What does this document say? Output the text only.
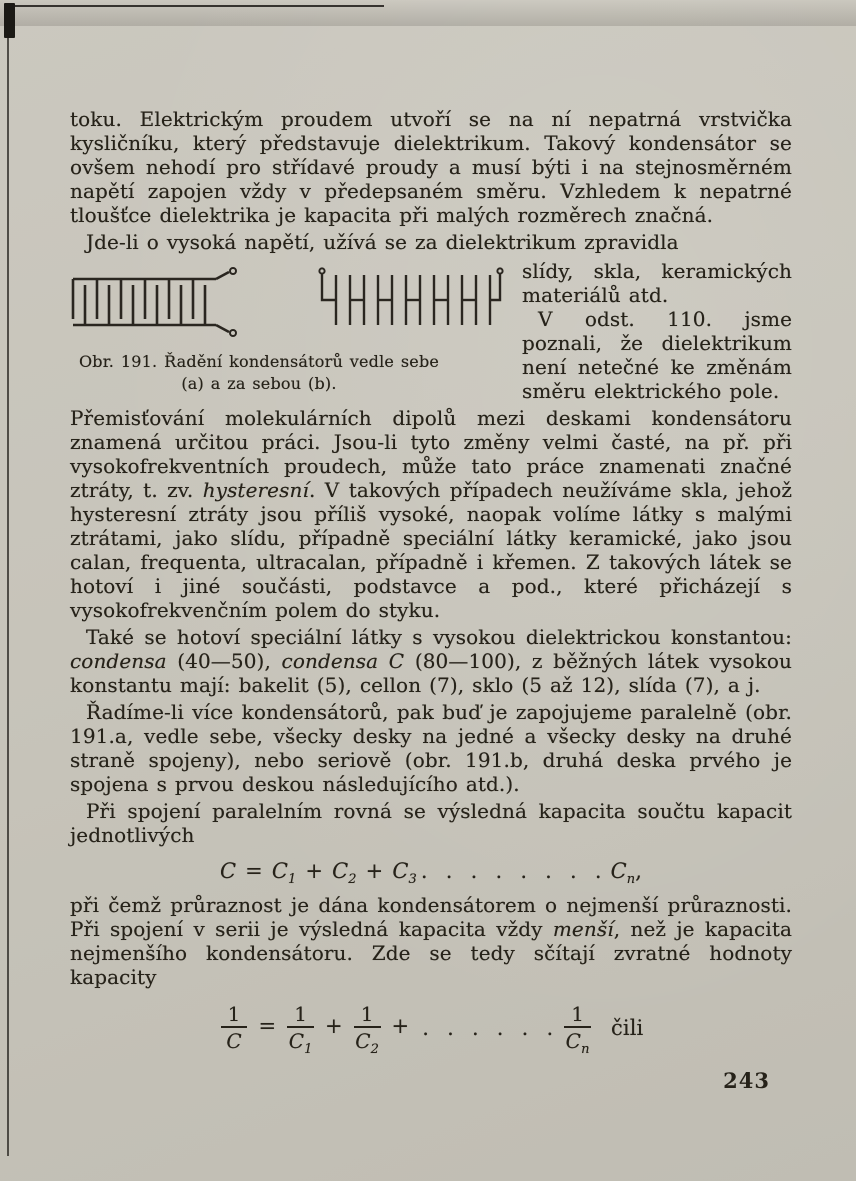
toku. Elektrickým proudem utvoří se na ní nepatrná vrstvička kysličníku, který představuje dielektrikum. Takový kondensátor se ovšem nehodí pro střídavé proudy a musí býti i na stejnosměrném napětí zapojen vždy v předepsaném směru. Vzhledem k nepatrné tloušťce dielektrika je kapacita při malých rozměrech značná.

Jde-li o vysoká napětí, užívá se za dielektrikum zpravidla

Obr. 191. Řadění kondensátorů vedle sebe
(a) a za sebou (b).

slídy, skla, keramických materiálů atd.

V odst. 110. jsme poznali, že dielektrikum není netečné ke změnám směru elektrického pole.

Přemisťování molekulárních dipolů mezi deskami kondensátoru znamená určitou práci. Jsou-li tyto změny velmi časté, na př. při vysokofrekventních proudech, může tato práce znamenati značné ztráty, t. zv. hysteresní. V takových případech neužíváme skla, jehož hysteresní ztráty jsou příliš vysoké, naopak volíme látky s malými ztrátami, jako slídu, případně speciální látky keramické, jako jsou calan, frequenta, ultracalan, případně i křemen. Z takových látek se hotoví i jiné součásti, podstavce a pod., které přicházejí s vysokofrekvenčním polem do styku.

Také se hotoví speciální látky s vysokou dielektrickou konstantou: condensa (40—50), condensa C (80—100), z běžných látek vysokou konstantu mají: bakelit (5), cellon (7), sklo (5 až 12), slída (7), a j.

Řadíme-li více kondensátorů, pak buď je zapojujeme paralelně (obr. 191.a, vedle sebe, všecky desky na jedné a všecky desky na druhé straně spojeny), nebo seriově (obr. 191.b, druhá deska prvého je spojena s prvou deskou následujícího atd.).

Při spojení paralelním rovná se výsledná kapacita součtu kapacit jednotlivých

$C = C_1 + C_2 + C_3$ . . . . . . . . $C_n$,

při čemž průraznost je dána kondensátorem o nejmenší průraznosti. Při spojení v serii je výsledná kapacita vždy menší, než je kapacita nejmenšího kondensátoru. Zde se tedy sčítají zvratné hodnoty kapacity

$\frac{1}{C} = \frac{1}{C_1} + \frac{1}{C_2}$ + . . . . . . $\frac{1}{C_n}$ čili
243
